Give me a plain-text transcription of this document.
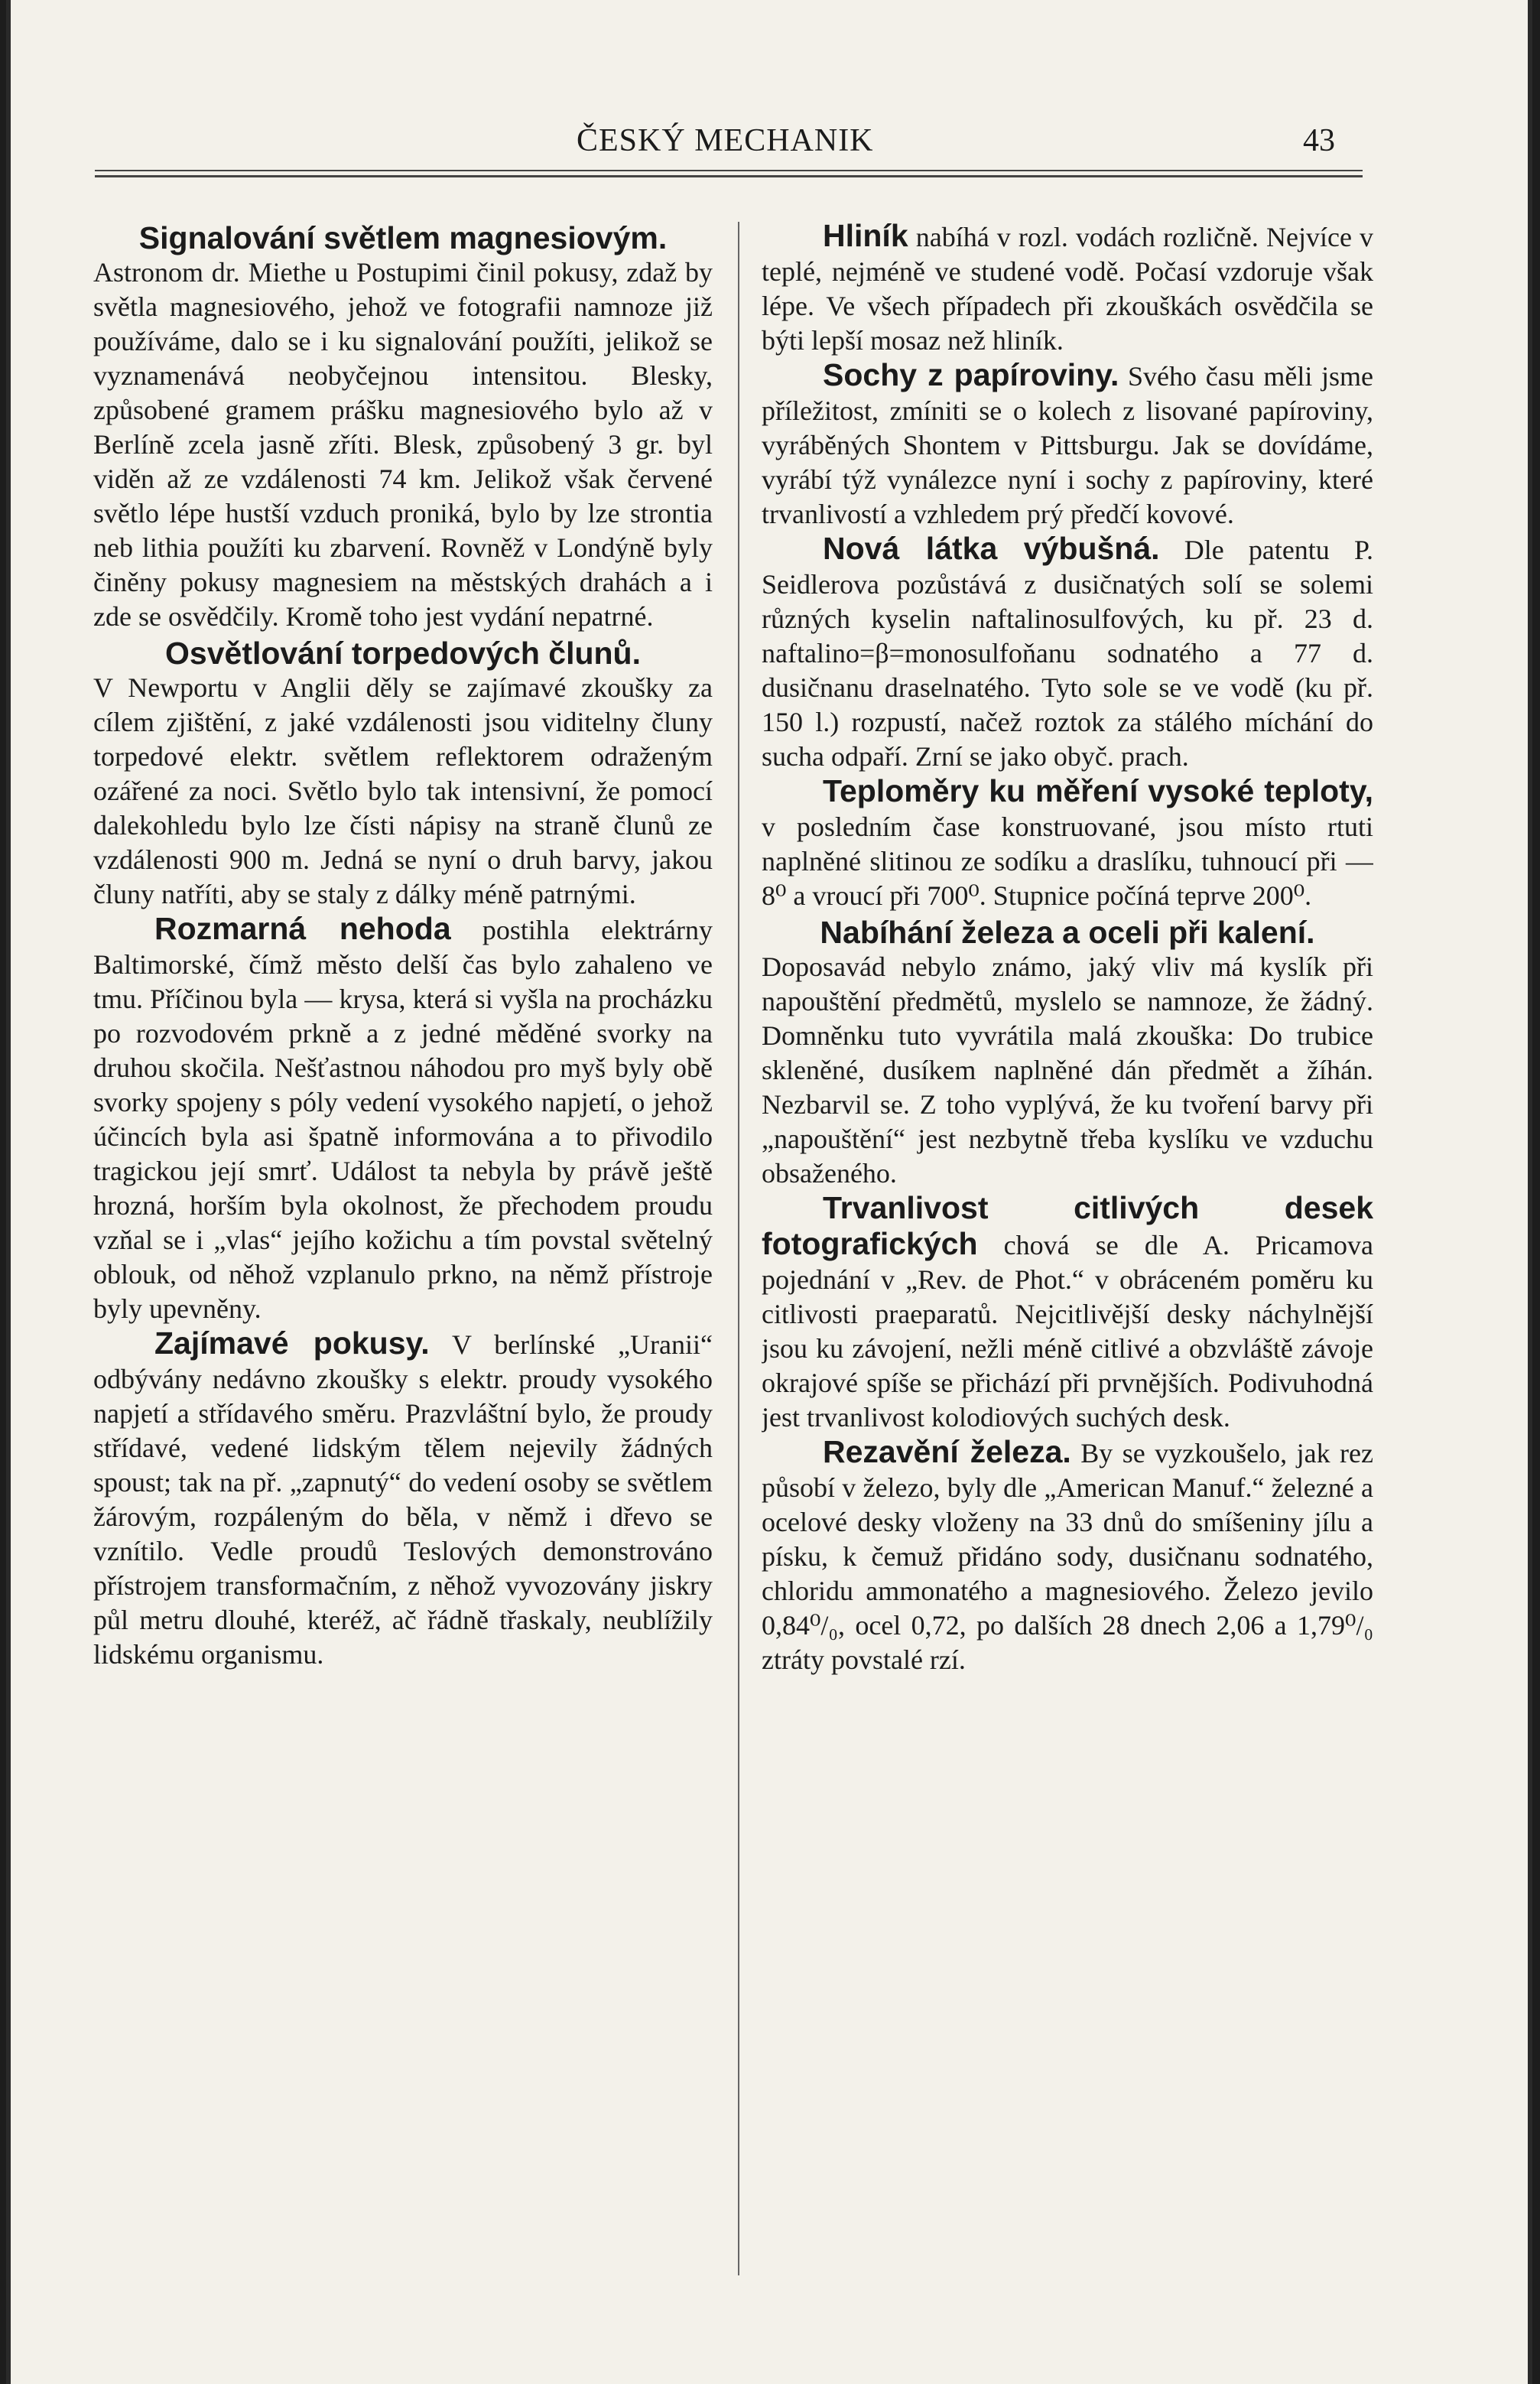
ČESKÝ MECHANIK	43
Signalování světlem magnesiovým.

Astronom dr. Miethe u Postupimi činil pokusy, zdaž by světla magnesiového, jehož ve fotografii namnoze již používáme, dalo se i ku signalování použíti, jelikož se vyznamenává neobyčejnou intensitou. Blesky, způsobené gramem prášku magnesiového bylo až v Berlíně zcela jasně zříti. Blesk, způsobený 3 gr. byl viděn až ze vzdálenosti 74 km. Jelikož však červené světlo lépe hustší vzduch proniká, bylo by lze strontia neb lithia použíti ku zbarvení. Rovněž v Londýně byly činěny pokusy magnesiem na městských drahách a i zde se osvědčily. Kromě toho jest vydání nepatrné.

Osvětlování torpedových člunů.

V Newportu v Anglii děly se zajímavé zkoušky za cílem zjištění, z jaké vzdálenosti jsou viditelny čluny torpedové elektr. světlem reflektorem odraženým ozářené za noci. Světlo bylo tak intensivní, že pomocí dalekohledu bylo lze čísti nápisy na straně člunů ze vzdálenosti 900 m. Jedná se nyní o druh barvy, jakou čluny natříti, aby se staly z dálky méně patrnými.

Rozmarná nehoda postihla elektrárny Baltimorské, čímž město delší čas bylo zahaleno ve tmu. Příčinou byla — krysa, která si vyšla na procházku po rozvodovém prkně a z jedné měděné svorky na druhou skočila. Nešťastnou náhodou pro myš byly obě svorky spojeny s póly vedení vysokého napjetí, o jehož účincích byla asi špatně informována a to přivodilo tragickou její smrť. Událost ta nebyla by právě ještě hrozná, horším byla okolnost, že přechodem proudu vzňal se i „vlas“ jejího kožichu a tím povstal světelný oblouk, od něhož vzplanulo prkno, na němž přístroje byly upevněny.

Zajímavé pokusy. V berlínské „Uranii“ odbývány nedávno zkoušky s elektr. proudy vysokého napjetí a střídavého směru. Prazvláštní bylo, že proudy střídavé, vedené lidským tělem nejevily žádných spoust; tak na př. „zapnutý“ do vedení osoby se světlem žárovým, rozpáleným do běla, v němž i dřevo se vznítilo. Vedle proudů Teslových demonstrováno přístrojem transformačním, z něhož vyvozovány jiskry půl metru dlouhé, kteréž, ač řádně třaskaly, neublížily lidskému organismu.

Hliník nabíhá v rozl. vodách rozličně. Nejvíce v teplé, nejméně ve studené vodě. Počasí vzdoruje však lépe. Ve všech případech při zkouškách osvědčila se býti lepší mosaz než hliník.

Sochy z papíroviny. Svého času měli jsme příležitost, zmíniti se o kolech z lisované papíroviny, vyráběných Shontem v Pittsburgu. Jak se dovídáme, vyrábí týž vynálezce nyní i sochy z papíroviny, které trvanlivostí a vzhledem prý předčí kovové.

Nová látka výbušná. Dle patentu P. Seidlerova pozůstává z dusičnatých solí se solemi různých kyselin naftalinosulfových, ku př. 23 d. naftalino=β=monosulfoňanu sodnatého a 77 d. dusičnanu draselnatého. Tyto sole se ve vodě (ku př. 150 l.) rozpustí, načež roztok za stálého míchání do sucha odpaří. Zrní se jako obyč. prach.

Teploměry ku měření vysoké teploty, v posledním čase konstruované, jsou místo rtuti naplněné slitinou ze sodíku a draslíku, tuhnoucí při — 8⁰ a vroucí při 700⁰. Stupnice počíná teprve 200⁰.

Nabíhání železa a oceli při kalení.

Doposavád nebylo známo, jaký vliv má kyslík při napouštění předmětů, myslelo se namnoze, že žádný. Domněnku tuto vyvrátila malá zkouška: Do trubice skleněné, dusíkem naplněné dán předmět a žíhán. Nezbarvil se. Z toho vyplývá, že ku tvoření barvy při „napouštění“ jest nezbytně třeba kyslíku ve vzduchu obsaženého.

Trvanlivost citlivých desek fotografických chová se dle A. Pricamova pojednání v „Rev. de Phot.“ v obráceném poměru ku citlivosti praeparatů. Nejcitlivější desky náchylnější jsou ku závojení, nežli méně citlivé a obzvláště závoje okrajové spíše se přichází při prvnějších. Podivuhodná jest trvanlivost kolodiových suchých desk.

Rezavění železa. By se vyzkoušelo, jak rez působí v železo, byly dle „American Manuf.“ železné a ocelové desky vloženy na 33 dnů do smíšeniny jílu a písku, k čemuž přidáno sody, dusičnanu sodnatého, chloridu ammonatého a magnesiového. Železo jevilo 0,84⁰/₀, ocel 0,72, po dalších 28 dnech 2,06 a 1,79⁰/₀ ztráty povstalé rzí.
